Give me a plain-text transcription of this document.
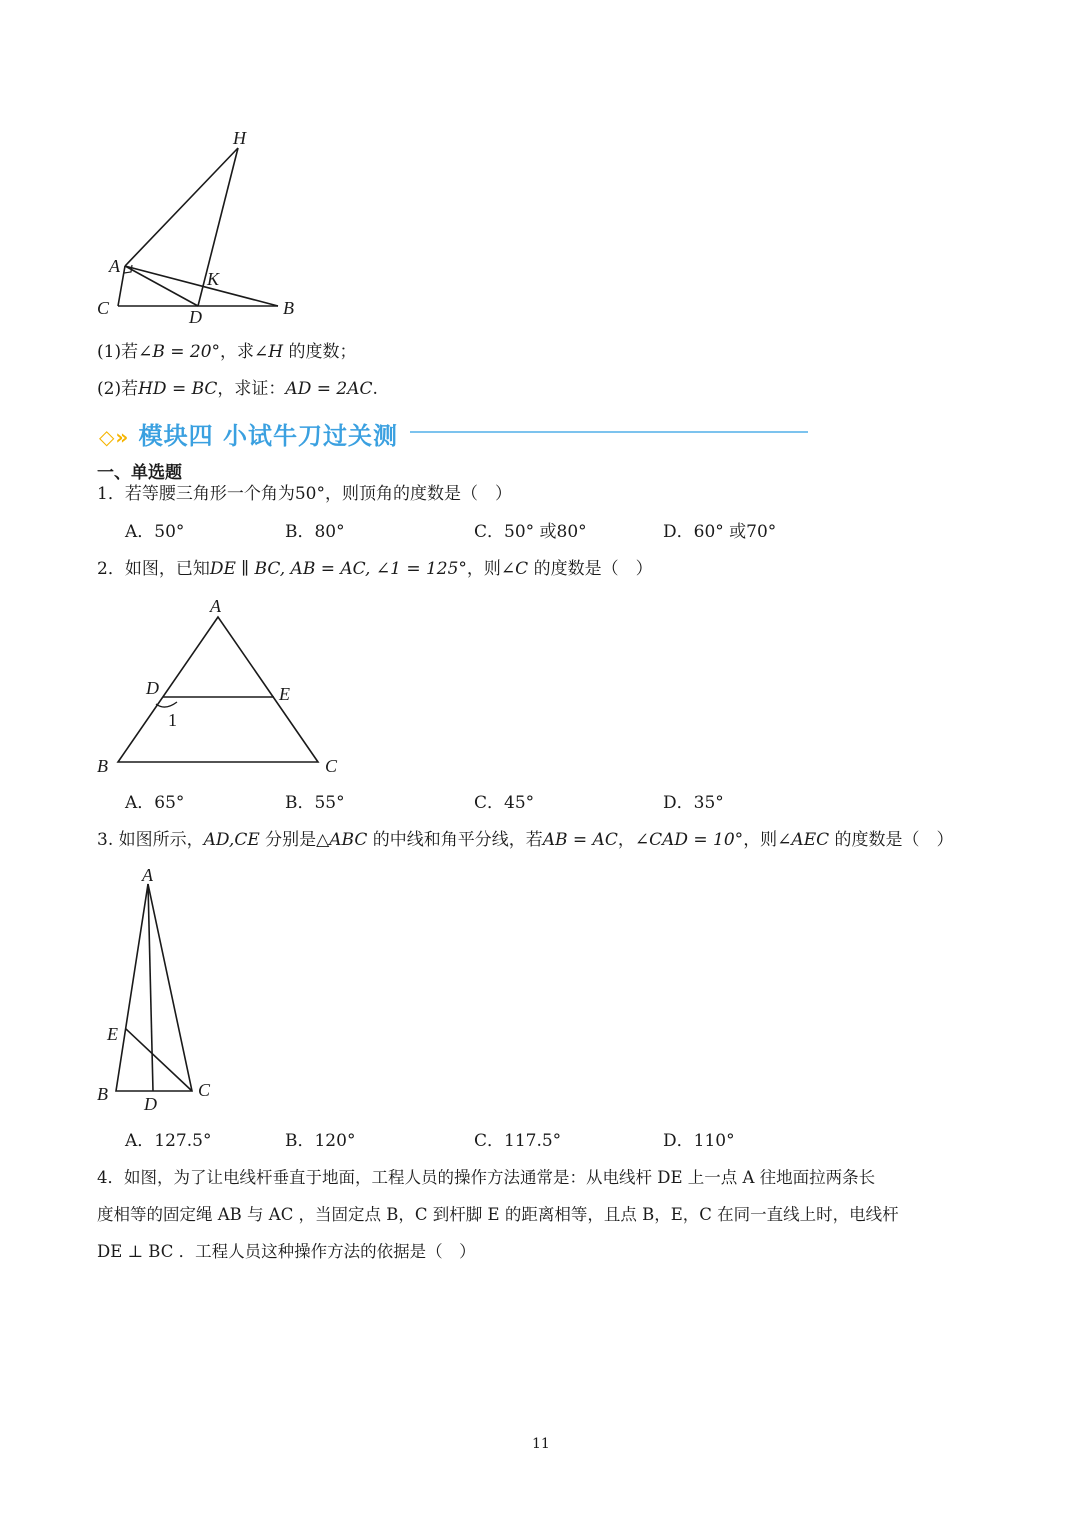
H
A
K
C	D	B
(1)若∠B = 20°，求∠H 的度数；
(2)若HD = BC，求证：AD = 2AC.
◇» 模块四 小试牛刀过关测
一、单选题
1．若等腰三角形一个角为50°，则顶角的度数是（　）
A．50°	B．80°	C．50° 或80°	D．60° 或70°
2．如图，已知DE ∥ BC, AB = AC, ∠1 = 125°，则∠C 的度数是（　）
A
D	E
1
B	C
A．65°	B．55°	C．45°	D．35°
3. 如图所示，AD,CE 分别是△ABC 的中线和角平分线，若AB = AC，∠CAD = 10°，则∠AEC 的度数是（　）
A
E
B D
C
A．127.5°	B．120°	C．117.5°	D．110°
4．如图，为了让电线杆垂直于地面，工程人员的操作方法通常是：从电线杆 DE 上一点 A 往地面拉两条长
度相等的固定绳 AB 与 AC ，当固定点 B，C 到杆脚 E 的距离相等，且点 B，E，C 在同一直线上时，电线杆
DE ⊥ BC ．工程人员这种操作方法的依据是（　）
11
